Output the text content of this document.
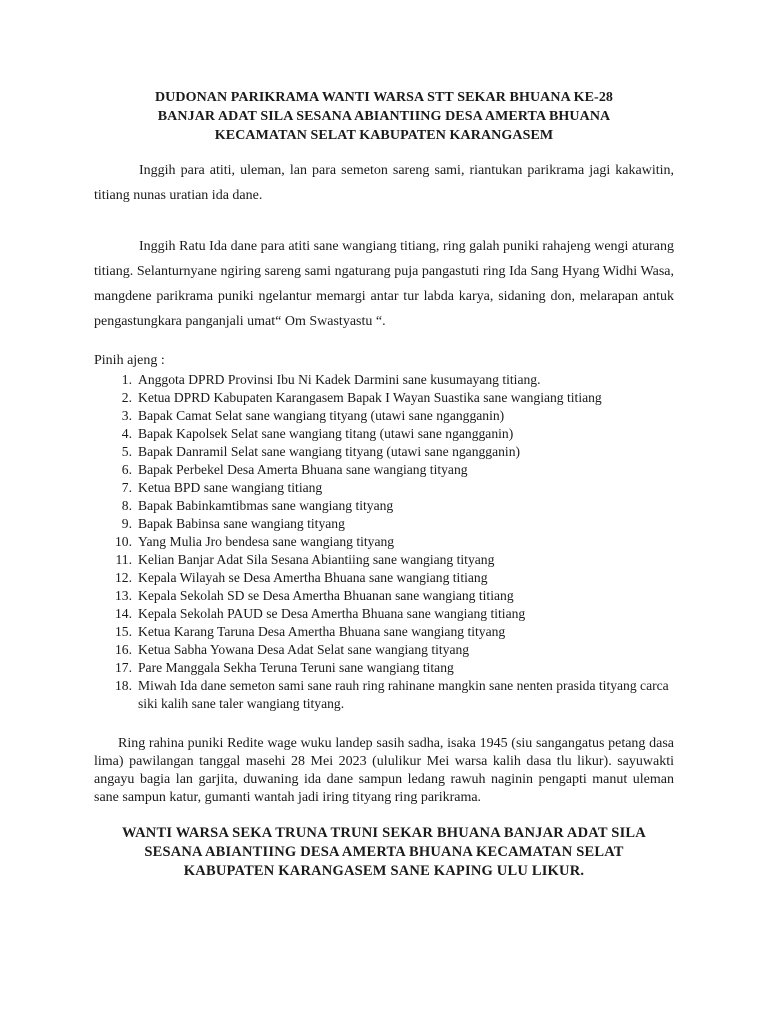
DUDONAN PARIKRAMA WANTI WARSA STT SEKAR BHUANA KE-28
BANJAR ADAT SILA SESANA ABIANTIING DESA AMERTA BHUANA
KECAMATAN SELAT KABUPATEN KARANGASEM
Inggih para atiti, uleman, lan para semeton sareng sami, riantukan parikrama jagi kakawitin, titiang nunas uratian ida dane.
Inggih Ratu Ida dane para atiti sane wangiang titiang, ring galah puniki rahajeng wengi aturang titiang. Selanturnyane ngiring sareng sami ngaturang puja pangastuti ring Ida Sang Hyang Widhi Wasa, mangdene parikrama puniki ngelantur memargi antar tur labda karya, sidaning don, melarapan antuk pengastungkara panganjali umat“ Om Swastyastu “.
Pinih ajeng :
1. Anggota DPRD Provinsi Ibu Ni Kadek Darmini sane kusumayang titiang.
2. Ketua DPRD Kabupaten Karangasem Bapak I Wayan Suastika sane wangiang titiang
3. Bapak Camat Selat sane wangiang tityang (utawi sane ngangganin)
4. Bapak Kapolsek Selat sane wangiang titang (utawi sane ngangganin)
5. Bapak Danramil Selat sane wangiang tityang (utawi sane ngangganin)
6. Bapak Perbekel Desa Amerta Bhuana sane wangiang tityang
7. Ketua BPD sane wangiang titiang
8. Bapak Babinkamtibmas sane wangiang tityang
9. Bapak Babinsa sane wangiang tityang
10. Yang Mulia Jro bendesa sane wangiang tityang
11. Kelian Banjar Adat Sila Sesana Abiantiing sane wangiang tityang
12. Kepala Wilayah se Desa Amertha Bhuana sane wangiang titiang
13. Kepala Sekolah SD se Desa Amertha Bhuanan sane wangiang titiang
14. Kepala Sekolah PAUD se Desa Amertha Bhuana sane wangiang titiang
15. Ketua Karang Taruna Desa Amertha Bhuana sane wangiang tityang
16. Ketua Sabha Yowana Desa Adat Selat sane wangiang tityang
17. Pare Manggala Sekha Teruna Teruni sane wangiang titang
18. Miwah Ida dane semeton sami sane rauh ring rahinane mangkin sane nenten prasida tityang carca siki kalih sane taler wangiang tityang.
Ring rahina puniki Redite wage wuku landep sasih sadha, isaka 1945 (siu sangangatus petang dasa lima) pawilangan tanggal masehi 28 Mei 2023 (ululikur Mei warsa kalih dasa tlu likur). sayuwakti angayu bagia lan garjita, duwaning ida dane sampun ledang rawuh naginin pengapti manut uleman sane sampun katur, gumanti wantah jadi iring tityang ring parikrama.
WANTI WARSA SEKA TRUNA TRUNI SEKAR BHUANA BANJAR ADAT SILA
SESANA ABIANTIING DESA AMERTA BHUANA KECAMATAN SELAT
KABUPATEN KARANGASEM SANE KAPING ULU LIKUR.
